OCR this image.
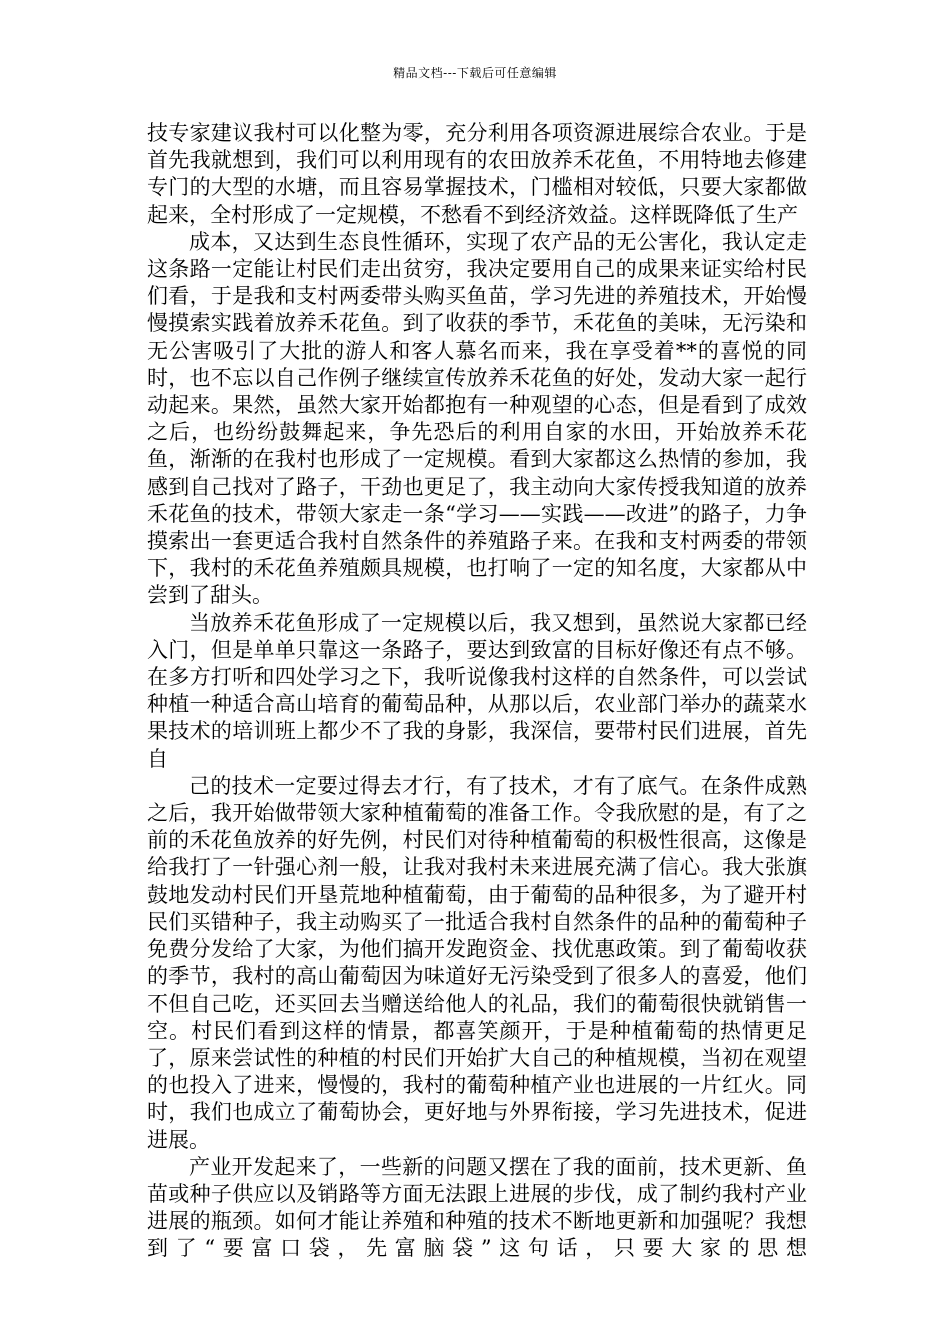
精品文档---下载后可任意编辑

技专家建议我村可以化整为零，充分利用各项资源进展综合农业。于是首先我就想到，我们可以利用现有的农田放养禾花鱼，不用特地去修建专门的大型的水塘，而且容易掌握技术，门槛相对较低，只要大家都做起来，全村形成了一定规模，不愁看不到经济效益。这样既降低了生产

成本，又达到生态良性循环，实现了农产品的无公害化，我认定走这条路一定能让村民们走出贫穷，我决定要用自己的成果来证实给村民们看，于是我和支村两委带头购买鱼苗，学习先进的养殖技术，开始慢慢摸索实践着放养禾花鱼。到了收获的季节，禾花鱼的美味，无污染和无公害吸引了大批的游人和客人慕名而来，我在享受着**的喜悦的同时，也不忘以自己作例子继续宣传放养禾花鱼的好处，发动大家一起行动起来。果然，虽然大家开始都抱有一种观望的心态，但是看到了成效之后，也纷纷鼓舞起来，争先恐后的利用自家的水田，开始放养禾花鱼，渐渐的在我村也形成了一定规模。看到大家都这么热情的参加，我感到自己找对了路子，干劲也更足了，我主动向大家传授我知道的放养禾花鱼的技术，带领大家走一条“学习——实践——改进”的路子，力争摸索出一套更适合我村自然条件的养殖路子来。在我和支村两委的带领下，我村的禾花鱼养殖颇具规模，也打响了一定的知名度，大家都从中尝到了甜头。

当放养禾花鱼形成了一定规模以后，我又想到，虽然说大家都已经入门，但是单单只靠这一条路子，要达到致富的目标好像还有点不够。在多方打听和四处学习之下，我听说像我村这样的自然条件，可以尝试种植一种适合高山培育的葡萄品种，从那以后，农业部门举办的蔬菜水果技术的培训班上都少不了我的身影，我深信，要带村民们进展，首先自

己的技术一定要过得去才行，有了技术，才有了底气。在条件成熟之后，我开始做带领大家种植葡萄的准备工作。令我欣慰的是，有了之前的禾花鱼放养的好先例，村民们对待种植葡萄的积极性很高，这像是给我打了一针强心剂一般，让我对我村未来进展充满了信心。我大张旗鼓地发动村民们开垦荒地种植葡萄，由于葡萄的品种很多，为了避开村民们买错种子，我主动购买了一批适合我村自然条件的品种的葡萄种子免费分发给了大家，为他们搞开发跑资金、找优惠政策。到了葡萄收获的季节，我村的高山葡萄因为味道好无污染受到了很多人的喜爱，他们不但自己吃，还买回去当赠送给他人的礼品，我们的葡萄很快就销售一空。村民们看到这样的情景，都喜笑颜开，于是种植葡萄的热情更足了，原来尝试性的种植的村民们开始扩大自己的种植规模，当初在观望的也投入了进来，慢慢的，我村的葡萄种植产业也进展的一片红火。同时，我们也成立了葡萄协会，更好地与外界衔接，学习先进技术，促进进展。

产业开发起来了，一些新的问题又摆在了我的面前，技术更新、鱼苗或种子供应以及销路等方面无法跟上进展的步伐，成了制约我村产业进展的瓶颈。如何才能让养殖和种殖的技术不断地更新和加强呢？我想到了“要富口袋，先富脑袋”这句话，只要大家的思想
